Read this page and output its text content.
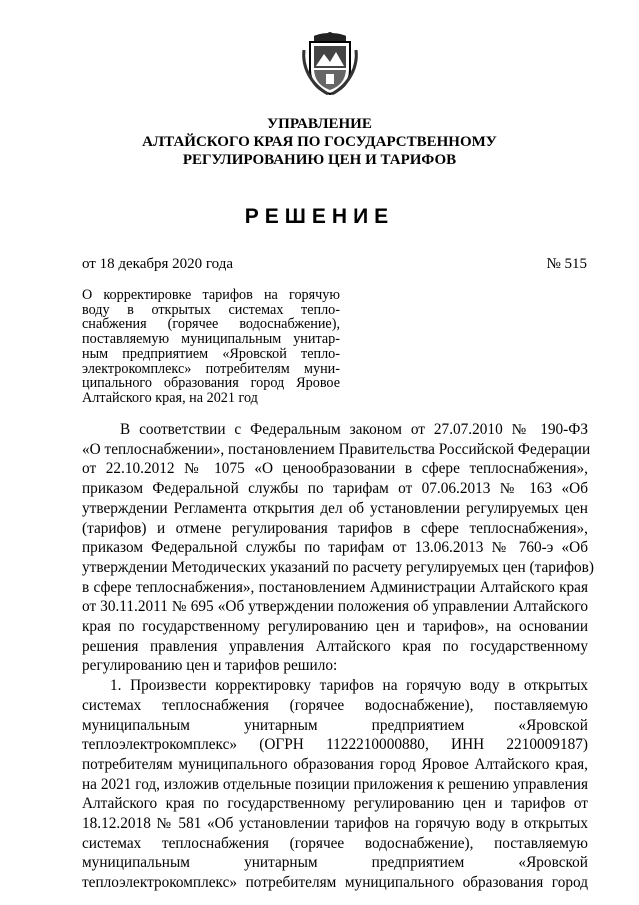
УПРАВЛЕНИЕ
АЛТАЙСКОГО КРАЯ ПО ГОСУДАРСТВЕННОМУ
РЕГУЛИРОВАНИЮ ЦЕН И ТАРИФОВ
РЕШЕНИЕ
от 18 декабря 2020 года	№ 515
О корректировке тарифов на горячую
воду в открытых системах тепло-
снабжения (горячее водоснабжение),
поставляемую муниципальным унитар-
ным предприятием «Яровской тепло-
электрокомплекс» потребителям муни-
ципального образования город Яровое
Алтайского края, на 2021 год
В соответствии с Федеральным законом от 27.07.2010 № 190-ФЗ
«О теплоснабжении», постановлением Правительства Российской Федерации
от 22.10.2012 № 1075 «О ценообразовании в сфере теплоснабжения»,
приказом Федеральной службы по тарифам от 07.06.2013 № 163 «Об
утверждении Регламента открытия дел об установлении регулируемых цен
(тарифов) и отмене регулирования тарифов в сфере теплоснабжения»,
приказом Федеральной службы по тарифам от 13.06.2013 № 760-э «Об
утверждении Методических указаний по расчету регулируемых цен (тарифов)
в сфере теплоснабжения», постановлением Администрации Алтайского края
от 30.11.2011 № 695 «Об утверждении положения об управлении Алтайского
края по государственному регулированию цен и тарифов», на основании
решения правления управления Алтайского края по государственному
регулированию цен и тарифов решило:
1. Произвести корректировку тарифов на горячую воду в открытых
системах теплоснабжения (горячее водоснабжение), поставляемую
муниципальным унитарным предприятием «Яровской
теплоэлектрокомплекс» (ОГРН 1122210000880, ИНН 2210009187)
потребителям муниципального образования город Яровое Алтайского края,
на 2021 год, изложив отдельные позиции приложения к решению управления
Алтайского края по государственному регулированию цен и тарифов от
18.12.2018 № 581 «Об установлении тарифов на горячую воду в открытых
системах теплоснабжения (горячее водоснабжение), поставляемую
муниципальным унитарным предприятием «Яровской
теплоэлектрокомплекс» потребителям муниципального образования город
